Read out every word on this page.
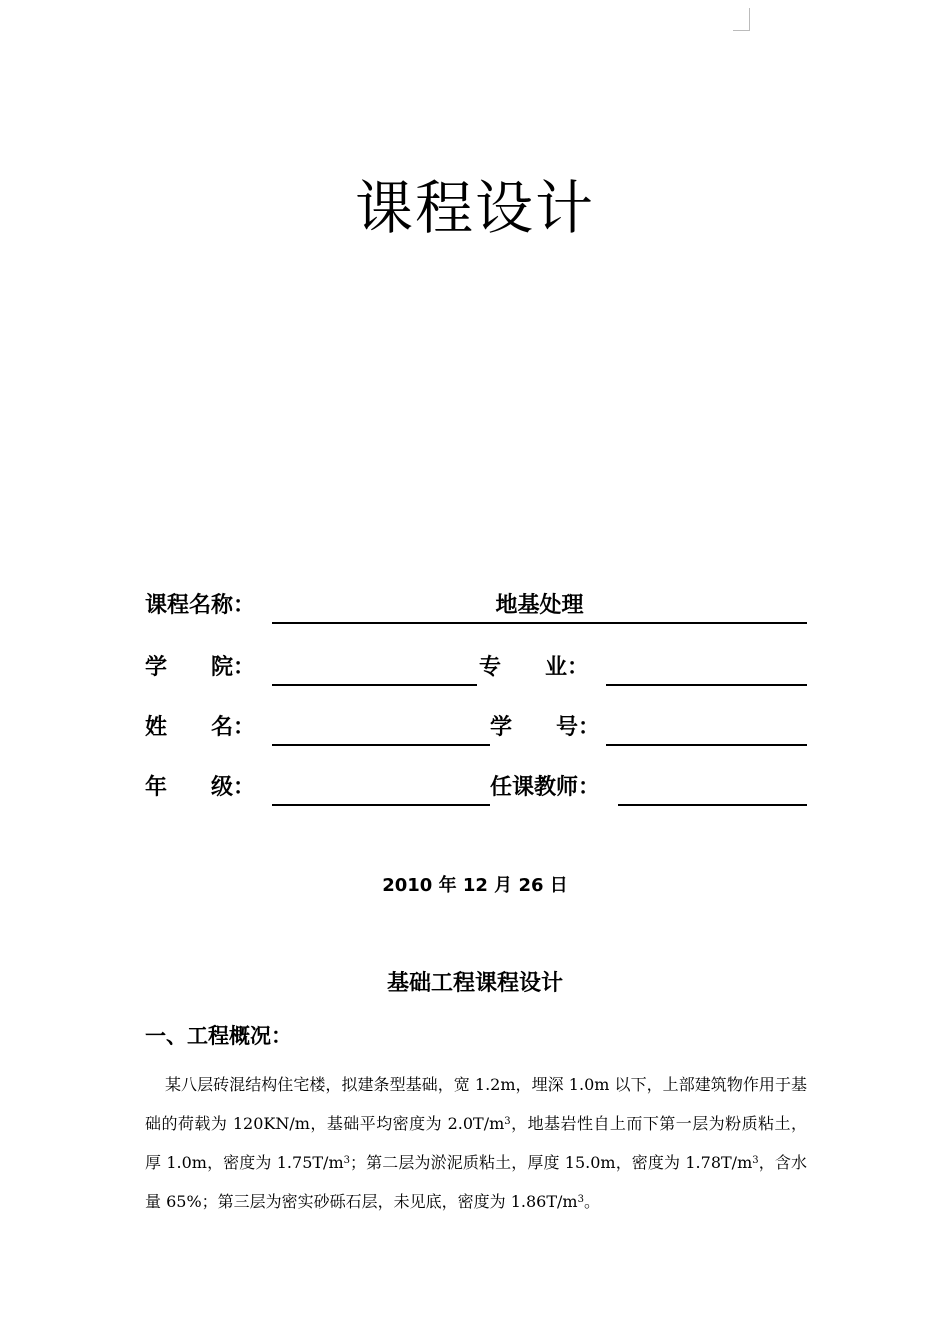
课程设计
课程名称：	地基处理
学　　院：	专　　业：
姓　　名：	学　　号：
年　　级：	任课教师：
2010 年 12 月 26 日
基础工程课程设计
一、工程概况：

某八层砖混结构住宅楼，拟建条型基础，宽 1.2m，埋深 1.0m 以下，上部建筑物作用于基础的荷载为 120KN/m，基础平均密度为 $2.0T/m^3$，地基岩性自上而下第一层为粉质粘土，厚 1.0m，密度为 $1.75T/m^3$；第二层为淤泥质粘土，厚度 15.0m，密度为 $1.78T/m^3$，含水量 65%；第三层为密实砂砾石层，未见底，密度为 $1.86T/m^3$。
